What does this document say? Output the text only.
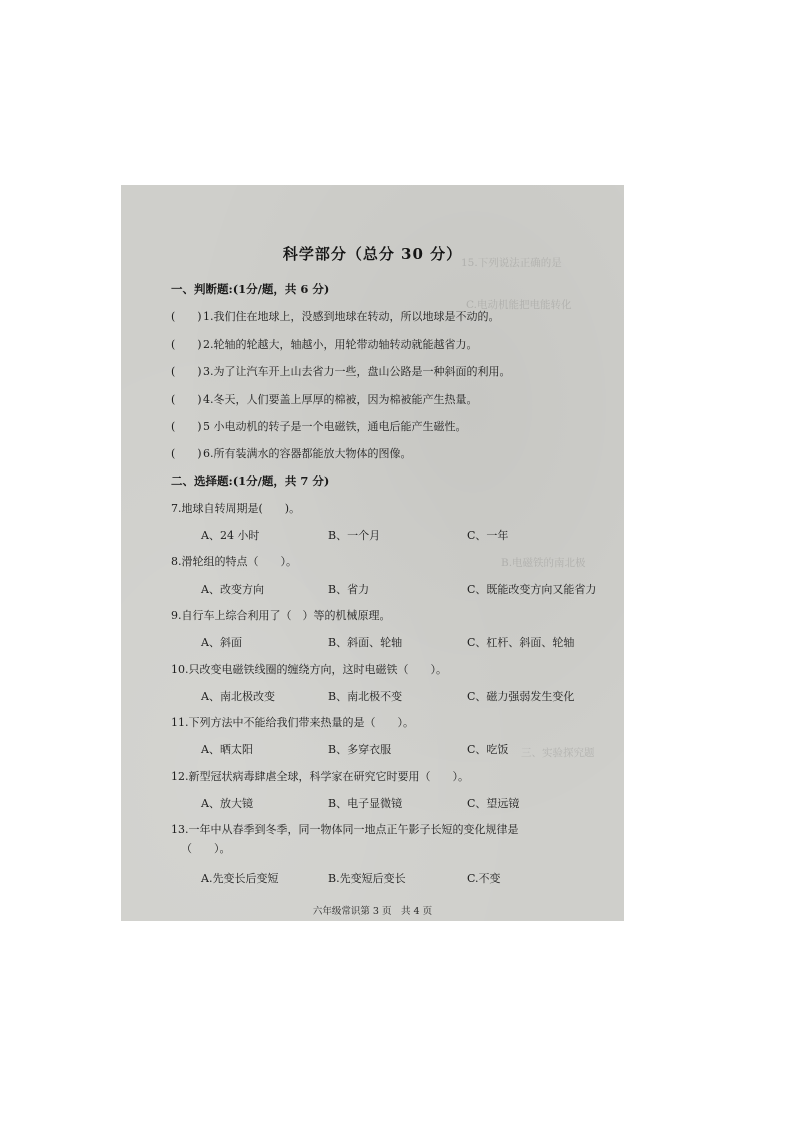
15.下列说法正确的是
C.电动机能把电能转化
B.电磁铁的南北极
三、实验探究题
科学部分（总分 30 分）
一、判断题:(1分/题，共 6 分)
(　　)1.我们住在地球上，没感到地球在转动，所以地球是不动的。
(　　)2.轮轴的轮越大，轴越小，用轮带动轴转动就能越省力。
(　　)3.为了让汽车开上山去省力一些，盘山公路是一种斜面的利用。
(　　)4.冬天，人们要盖上厚厚的棉被，因为棉被能产生热量。
(　　)5 小电动机的转子是一个电磁铁，通电后能产生磁性。
(　　)6.所有装满水的容器都能放大物体的图像。
二、选择题:(1分/题，共 7 分)
7.地球自转周期是(　　)。
A、24 小时	B、一个月	C、一年
8.滑轮组的特点（　　）。
A、改变方向	B、省力	C、既能改变方向又能省力
9.自行车上综合利用了（　）等的机械原理。
A、斜面	B、斜面、轮轴	C、杠杆、斜面、轮轴
10.只改变电磁铁线圈的缠绕方向，这时电磁铁（　　）。
A、南北极改变	B、南北极不变	C、磁力强弱发生变化
11.下列方法中不能给我们带来热量的是（　　）。
A、晒太阳	B、多穿衣服	C、吃饭
12.新型冠状病毒肆虐全球，科学家在研究它时要用（　　）。
A、放大镜	B、电子显微镜	C、望远镜
13.一年中从春季到冬季，同一物体同一地点正午影子长短的变化规律是
（　　）。
A.先变长后变短	B.先变短后变长	C.不变
六年级常识第 3 页　共 4 页
